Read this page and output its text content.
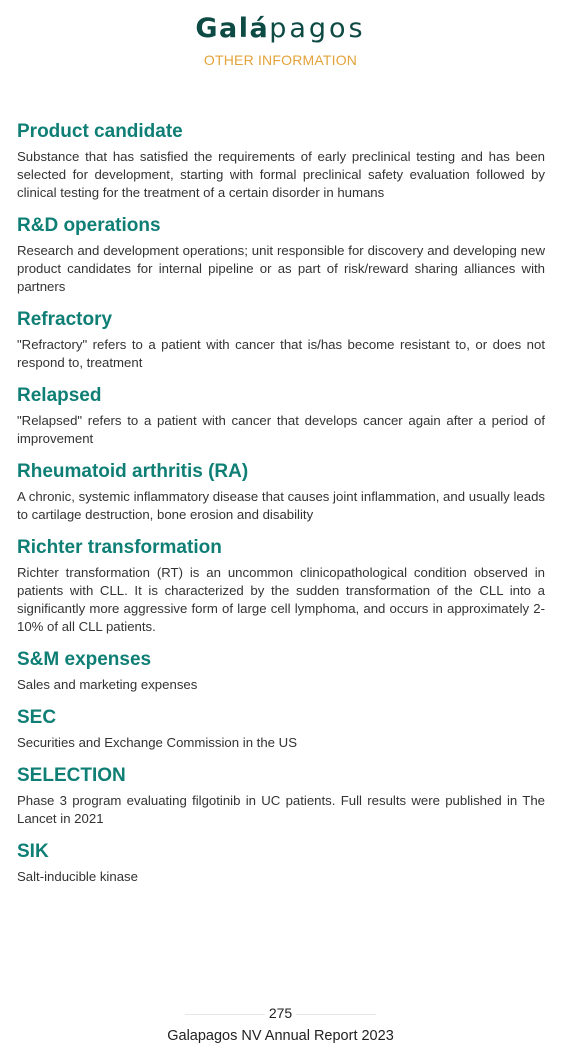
Galápagos
OTHER INFORMATION
Product candidate

Substance that has satisfied the requirements of early preclinical testing and has been selected for development, starting with formal preclinical safety evaluation followed by clinical testing for the treatment of a certain disorder in humans

R&D operations

Research and development operations; unit responsible for discovery and developing new product candidates for internal pipeline or as part of risk/reward sharing alliances with partners

Refractory

"Refractory" refers to a patient with cancer that is/has become resistant to, or does not respond to, treatment

Relapsed

"Relapsed" refers to a patient with cancer that develops cancer again after a period of improvement

Rheumatoid arthritis (RA)

A chronic, systemic inflammatory disease that causes joint inflammation, and usually leads to cartilage destruction, bone erosion and disability

Richter transformation

Richter transformation (RT) is an uncommon clinicopathological condition observed in patients with CLL. It is characterized by the sudden transformation of the CLL into a significantly more aggressive form of large cell lymphoma, and occurs in approximately 2-10% of all CLL patients.

S&M expenses

Sales and marketing expenses

SEC

Securities and Exchange Commission in the US

SELECTION

Phase 3 program evaluating filgotinib in UC patients. Full results were published in The Lancet in 2021

SIK

Salt-inducible kinase

275
Galapagos NV Annual Report 2023
